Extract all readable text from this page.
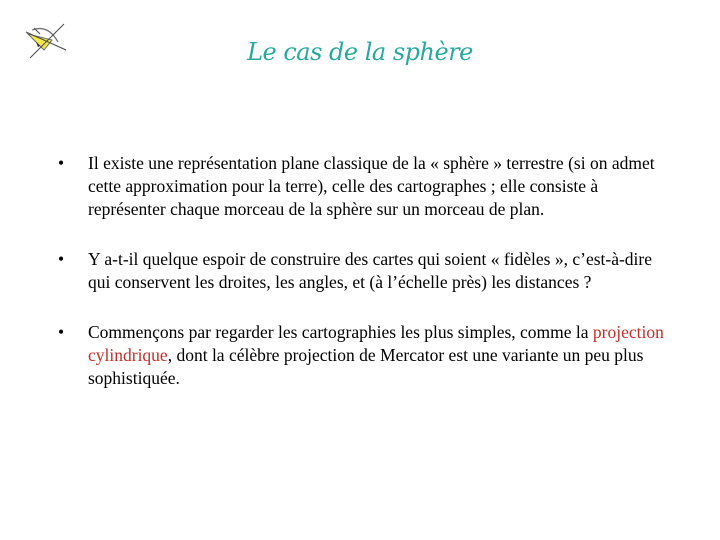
Le cas de la sphère
• Il existe une représentation plane classique de la « sphère » terrestre (si on admet cette approximation pour la terre), celle des cartographes ; elle consiste à représenter chaque morceau de la sphère sur un morceau de plan.
• Y a-t-il quelque espoir de construire des cartes qui soient « fidèles », c’est-à-dire qui conservent les droites, les angles, et (à l’échelle près) les distances ?
• Commençons par regarder les cartographies les plus simples, comme la projection cylindrique, dont la célèbre projection de Mercator est une variante un peu plus sophistiquée.
